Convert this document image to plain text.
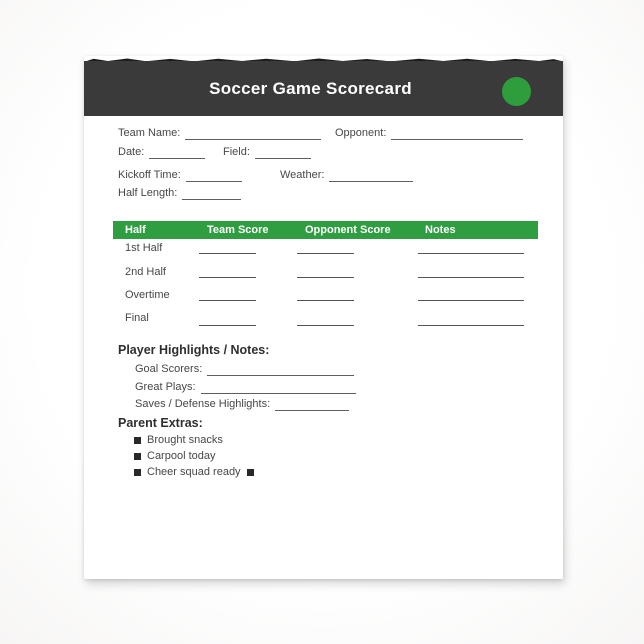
Soccer Game Scorecard
Team Name:	Opponent:
Date:	Field:
Kickoff Time:	Weather:
Half Length:
Half	Team Score	Opponent Score	Notes
1st Half
2nd Half
Overtime
Final
Player Highlights / Notes:
Goal Scorers:
Great Plays:
Saves / Defense Highlights:
Parent Extras:
Brought snacks
Carpool today
Cheer squad ready
